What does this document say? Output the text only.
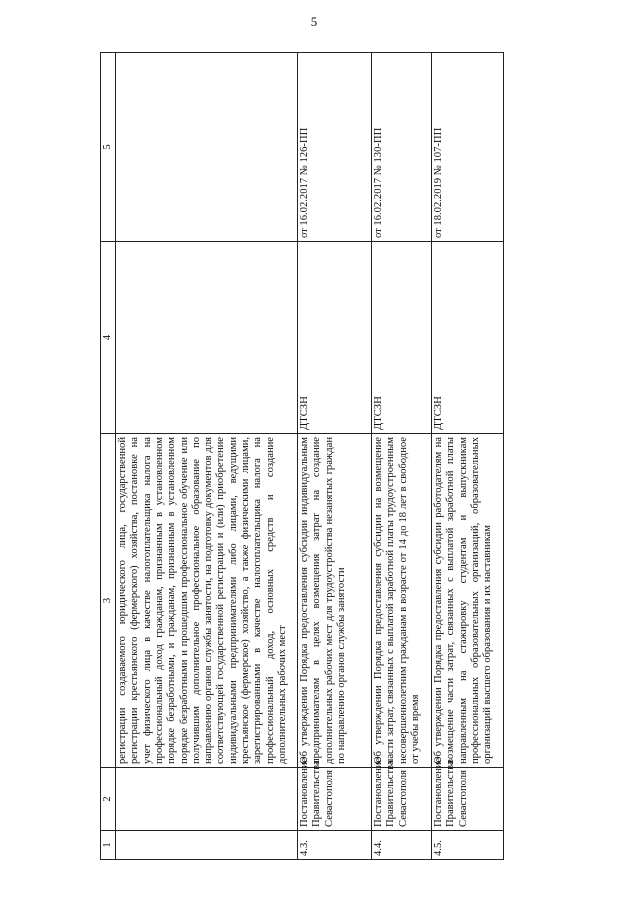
5
1	2	3	4	5
		регистрации создаваемого юридического лица, государственной регистрации крестьянского (фермерского) хозяйства, постановке на учет физического лица в качестве налогоплательщика налога на профессиональный доход гражданам, признанным в установленном порядке безработными, и гражданам, признанным в установленном порядке безработными и прошедшим профессиональное обучение или получившим дополнительное профессиональное образование по направлению органов службы занятости, на подготовку документов для соответствующей государственной регистрации и (или) приобретение индивидуальными предпринимателями либо лицами, ведущими крестьянское (фермерское) хозяйство, а также физическими лицами, зарегистрированными в качестве налогоплательщика налога на профессиональный доход, основных средств и создание дополнительных рабочих мест		
4.3.	Постановление Правительства Севастополя	Об утверждении Порядка предоставления субсидии индивидуальным предпринимателям в целях возмещения затрат на создание дополнительных рабочих мест для трудоустройства незанятых граждан по направлению органов службы занятости	ДТСЗН	от 16.02.2017 № 126-ПП
4.4.	Постановление Правительства Севастополя	Об утверждении Порядка предоставления субсидии на возмещение части затрат, связанных с выплатой заработной платы трудоустроенным несовершеннолетним гражданам в возрасте от 14 до 18 лет в свободное от учебы время	ДТСЗН	от 16.02.2017 № 130-ПП
4.5.	Постановление Правительства Севастополя	Об утверждении Порядка предоставления субсидии работодателям на возмещение части затрат, связанных с выплатой заработной платы направленным на стажировку студентам и выпускникам профессиональных образовательных организаций, образовательных организаций высшего образования и их наставникам	ДТСЗН	от 18.02.2019 № 107-ПП
